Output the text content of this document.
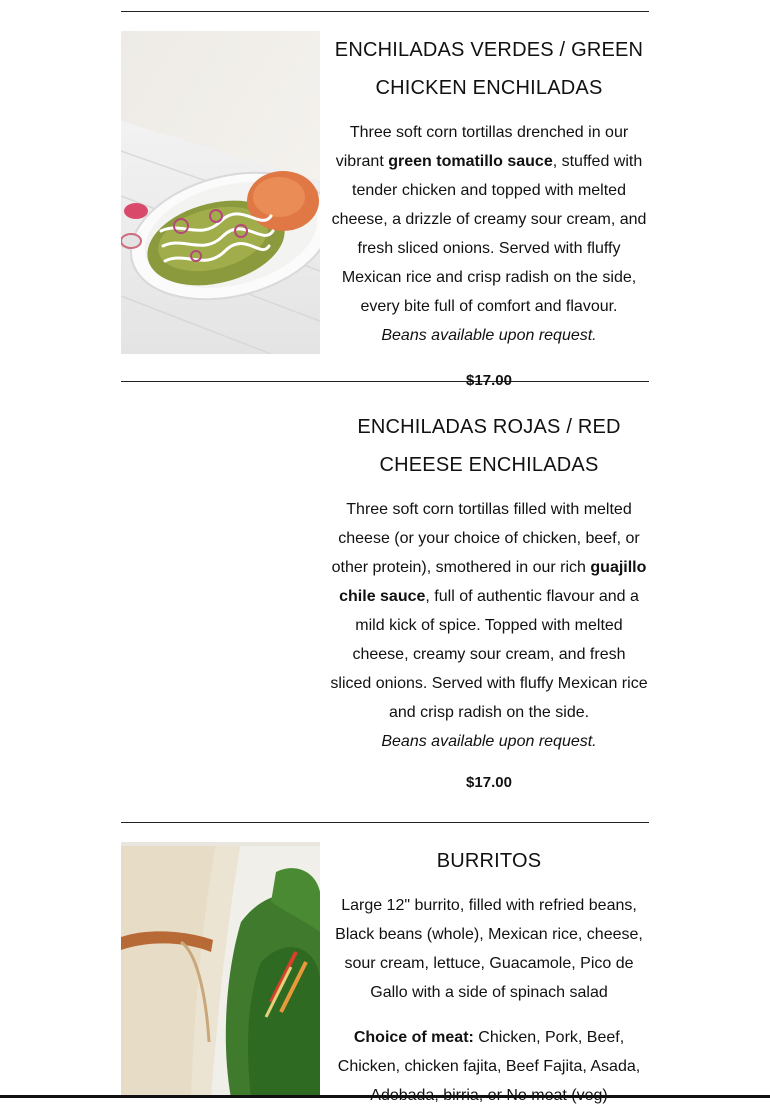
ENCHILADAS VERDES / GREEN CHICKEN ENCHILADAS

Three soft corn tortillas drenched in our vibrant green tomatillo sauce, stuffed with tender chicken and topped with melted cheese, a drizzle of creamy sour cream, and fresh sliced onions. Served with fluffy Mexican rice and crisp radish on the side, every bite full of comfort and flavour.

Beans available upon request.

$17.00

ENCHILADAS ROJAS / RED CHEESE ENCHILADAS

Three soft corn tortillas filled with melted cheese (or your choice of chicken, beef, or other protein), smothered in our rich guajillo chile sauce, full of authentic flavour and a mild kick of spice. Topped with melted cheese, creamy sour cream, and fresh sliced onions. Served with fluffy Mexican rice and crisp radish on the side.

Beans available upon request.

$17.00

BURRITOS

Large 12" burrito, filled with refried beans, Black beans (whole), Mexican rice, cheese, sour cream, lettuce, Guacamole, Pico de Gallo with a side of spinach salad

Choice of meat: Chicken, Pork, Beef, Chicken, chicken fajita, Beef Fajita, Asada,
